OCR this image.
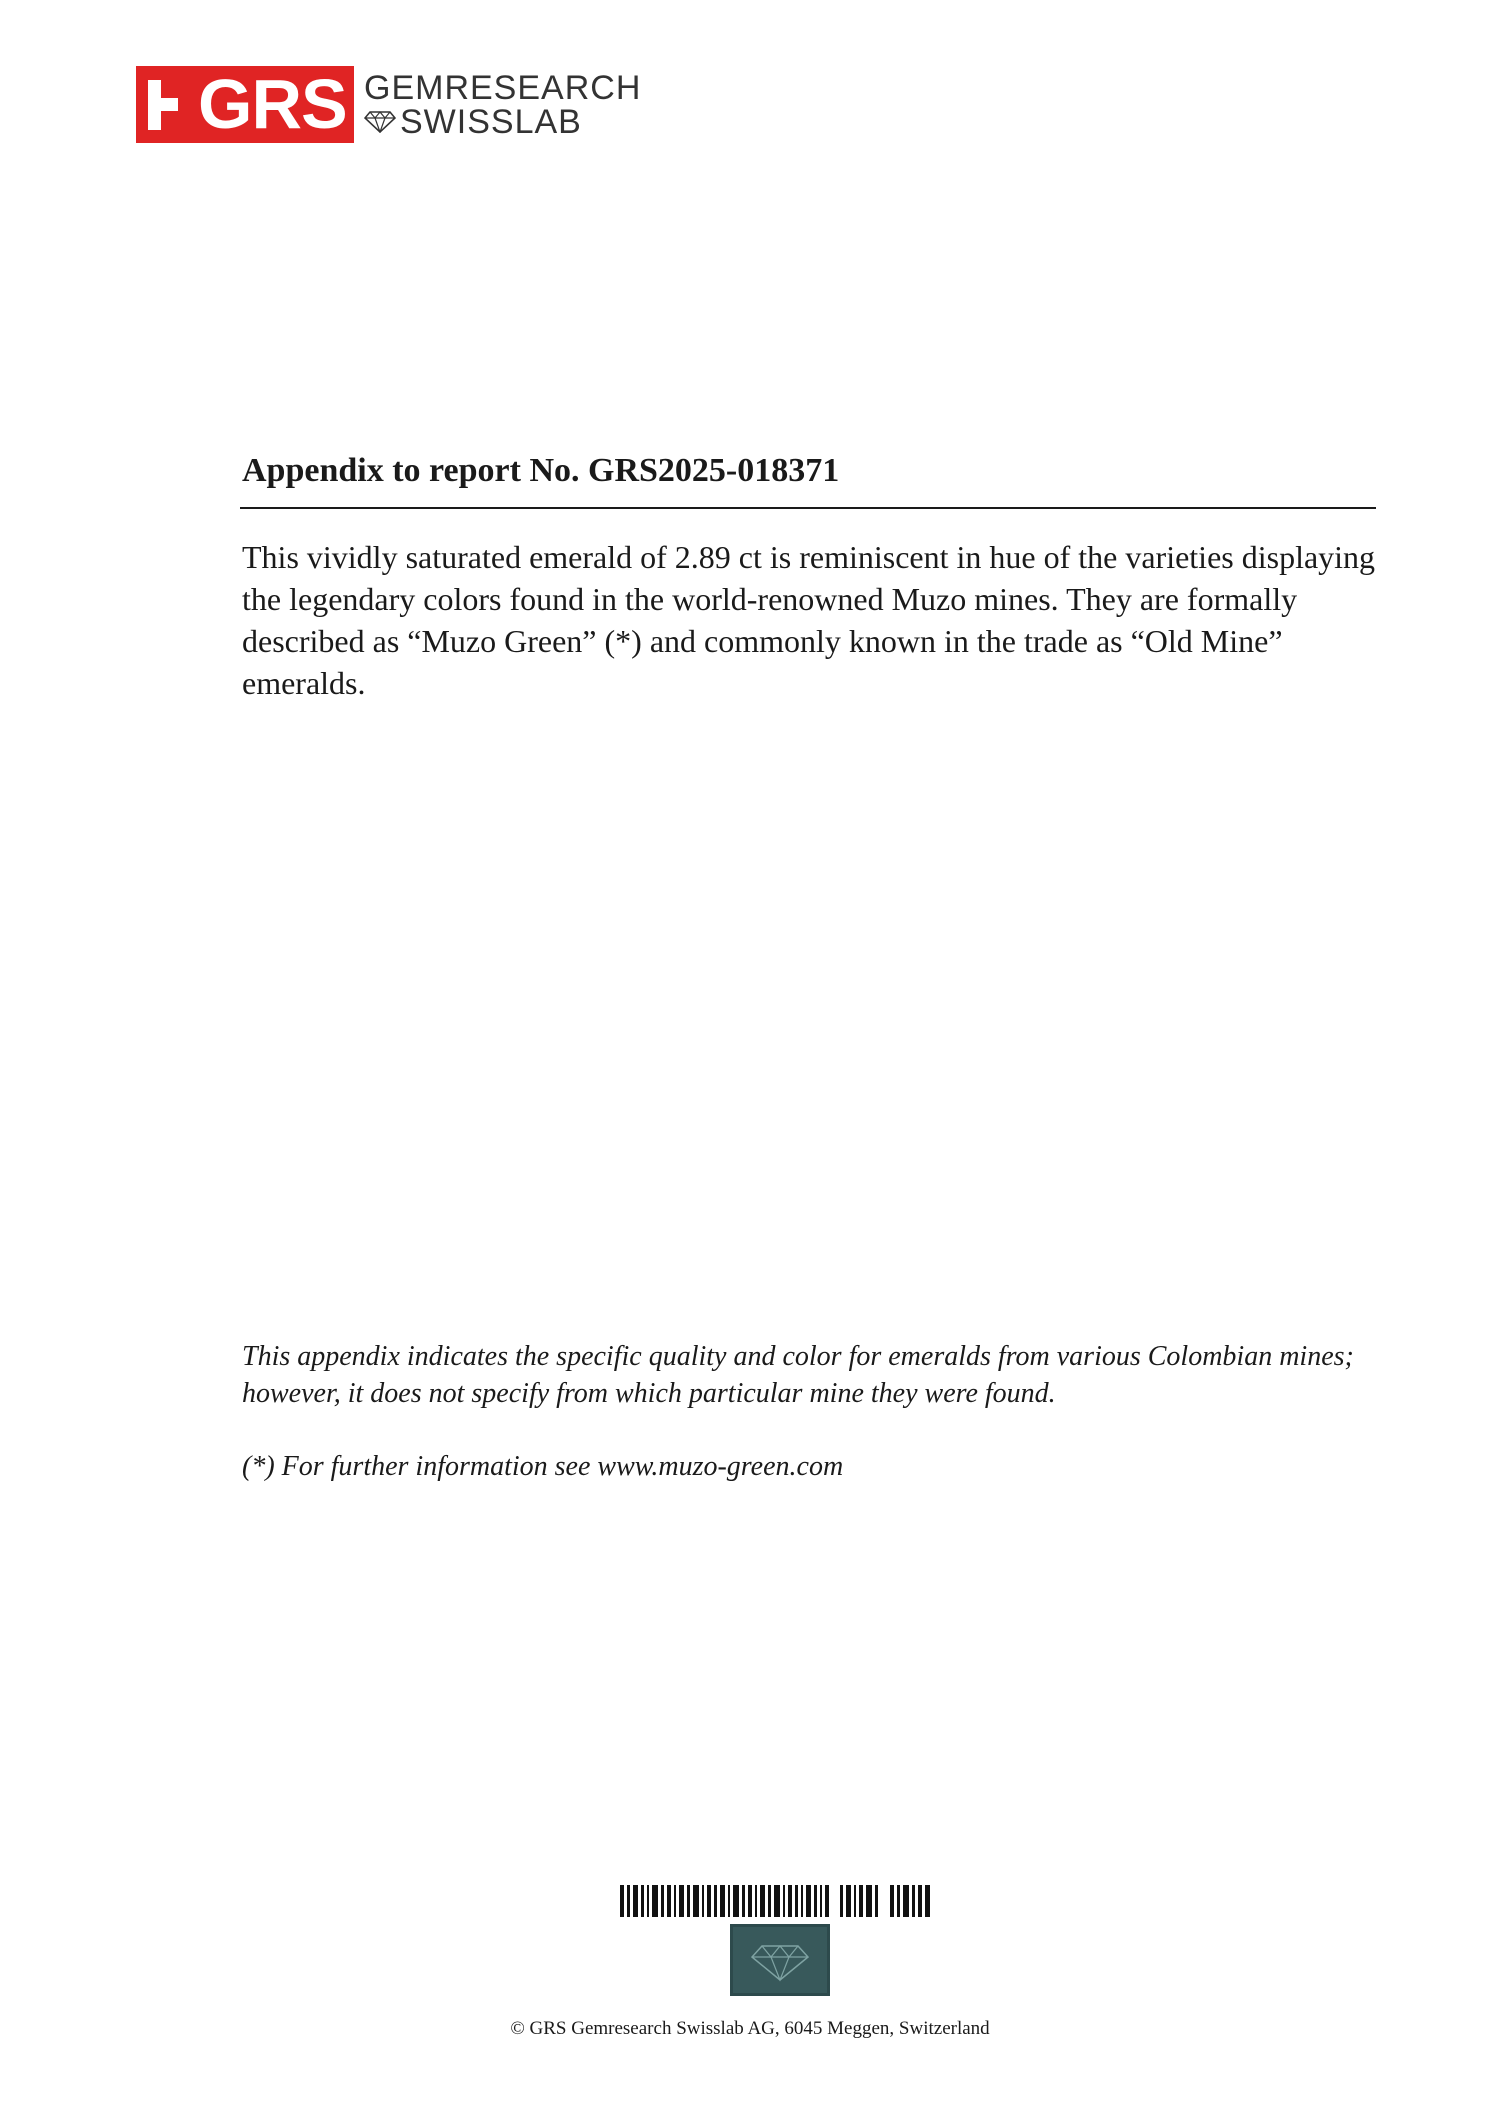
GRS GEMRESEARCH
SWISSLAB
Appendix to report No. GRS2025-018371
This vividly saturated emerald of 2.89 ct is reminiscent in hue of the varieties displaying the legendary colors found in the world-renowned Muzo mines. They are formally described as “Muzo Green” (*) and commonly known in the trade as “Old Mine” emeralds.
This appendix indicates the specific quality and color for emeralds from various Colombian mines; however, it does not specify from which particular mine they were found.
(*) For further information see www.muzo-green.com
© GRS Gemresearch Swisslab AG, 6045 Meggen, Switzerland
